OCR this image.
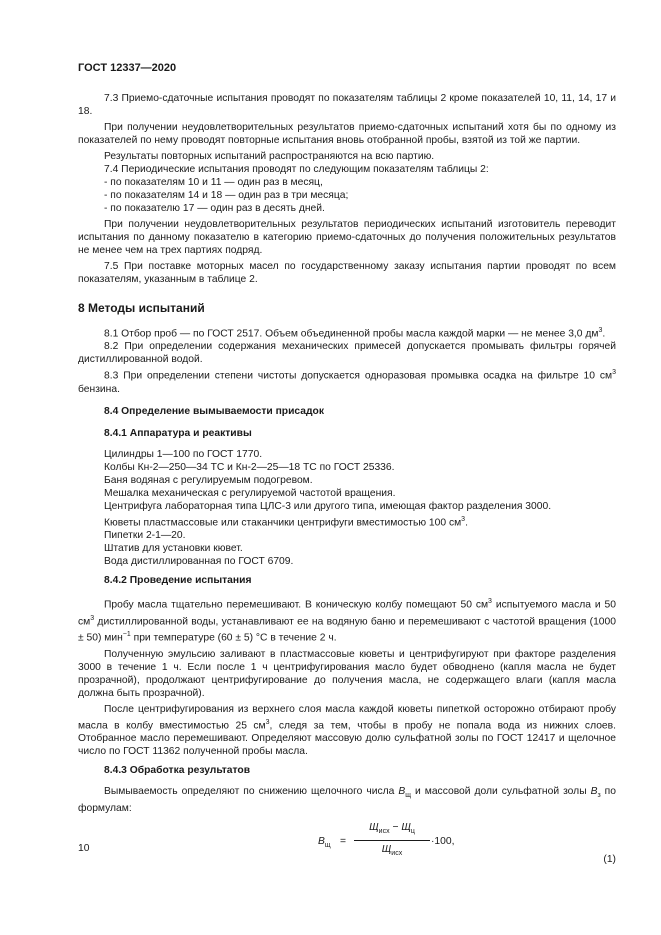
ГОСТ 12337—2020

7.3 Приемо-сдаточные испытания проводят по показателям таблицы 2 кроме показателей 10, 11, 14, 17 и 18.

При получении неудовлетворительных результатов приемо-сдаточных испытаний хотя бы по одному из показателей по нему проводят повторные испытания вновь отобранной пробы, взятой из той же партии.

Результаты повторных испытаний распространяются на всю партию.

7.4 Периодические испытания проводят по следующим показателям таблицы 2:

- по показателям 10 и 11 — один раз в месяц,

- по показателям 14 и 18 — один раз в три месяца;

- по показателю 17 — один раз в десять дней.

При получении неудовлетворительных результатов периодических испытаний изготовитель переводит испытания по данному показателю в категорию приемо-сдаточных до получения положительных результатов не менее чем на трех партиях подряд.

7.5 При поставке моторных масел по государственному заказу испытания партии проводят по всем показателям, указанным в таблице 2.

8 Методы испытаний

8.1 Отбор проб — по ГОСТ 2517. Объем объединенной пробы масла каждой марки — не менее 3,0 $дм^3$.

8.2 При определении содержания механических примесей допускается промывать фильтры горячей дистиллированной водой.

8.3 При определении степени чистоты допускается одноразовая промывка осадка на фильтре 10 $см^3$ бензина.

8.4 Определение вымываемости присадок
8.4.1 Аппаратура и реактивы

Цилиндры 1—100 по ГОСТ 1770.

Колбы Кн-2—250—34 ТС и Кн-2—25—18 ТС по ГОСТ 25336.

Баня водяная с регулируемым подогревом.

Мешалка механическая с регулируемой частотой вращения.

Центрифуга лабораторная типа ЦЛС-3 или другого типа, имеющая фактор разделения 3000.

Кюветы пластмассовые или стаканчики центрифуги вместимостью 100 $см^3$.

Пипетки 2-1—20.

Штатив для установки кювет.

Вода дистиллированная по ГОСТ 6709.

8.4.2 Проведение испытания

Пробу масла тщательно перемешивают. В коническую колбу помещают 50 $см^3$ испытуемого масла и 50 $см^3$ дистиллированной воды, устанавливают ее на водяную баню и перемешивают с частотой вращения (1000 ± 50) мин$^{-1}$ при температуре (60 ± 5) °С в течение 2 ч.

Полученную эмульсию заливают в пластмассовые кюветы и центрифугируют при факторе разделения 3000 в течение 1 ч. Если после 1 ч центрифугирования масло будет обводнено (капля масла не будет прозрачной), продолжают центрифугирование до получения масла, не содержащего влаги (капля масла должна быть прозрачной).

После центрифугирования из верхнего слоя масла каждой кюветы пипеткой осторожно отбирают пробу масла в колбу вместимостью 25 $см^3$, следя за тем, чтобы в пробу не попала вода из нижних слоев. Отобранное масло перемешивают. Определяют массовую долю сульфатной золы по ГОСТ 12417 и щелочное число по ГОСТ 11362 полученной пробы масла.

8.4.3 Обработка результатов

Вымываемость определяют по снижению щелочного числа $В_щ$ и массовой доли сульфатной золы $В_з$ по формулам:

$В_щ$ =
$Щ_{исх} - Щ_ц$
$Щ_{исх}$
·100,
(1)
10
